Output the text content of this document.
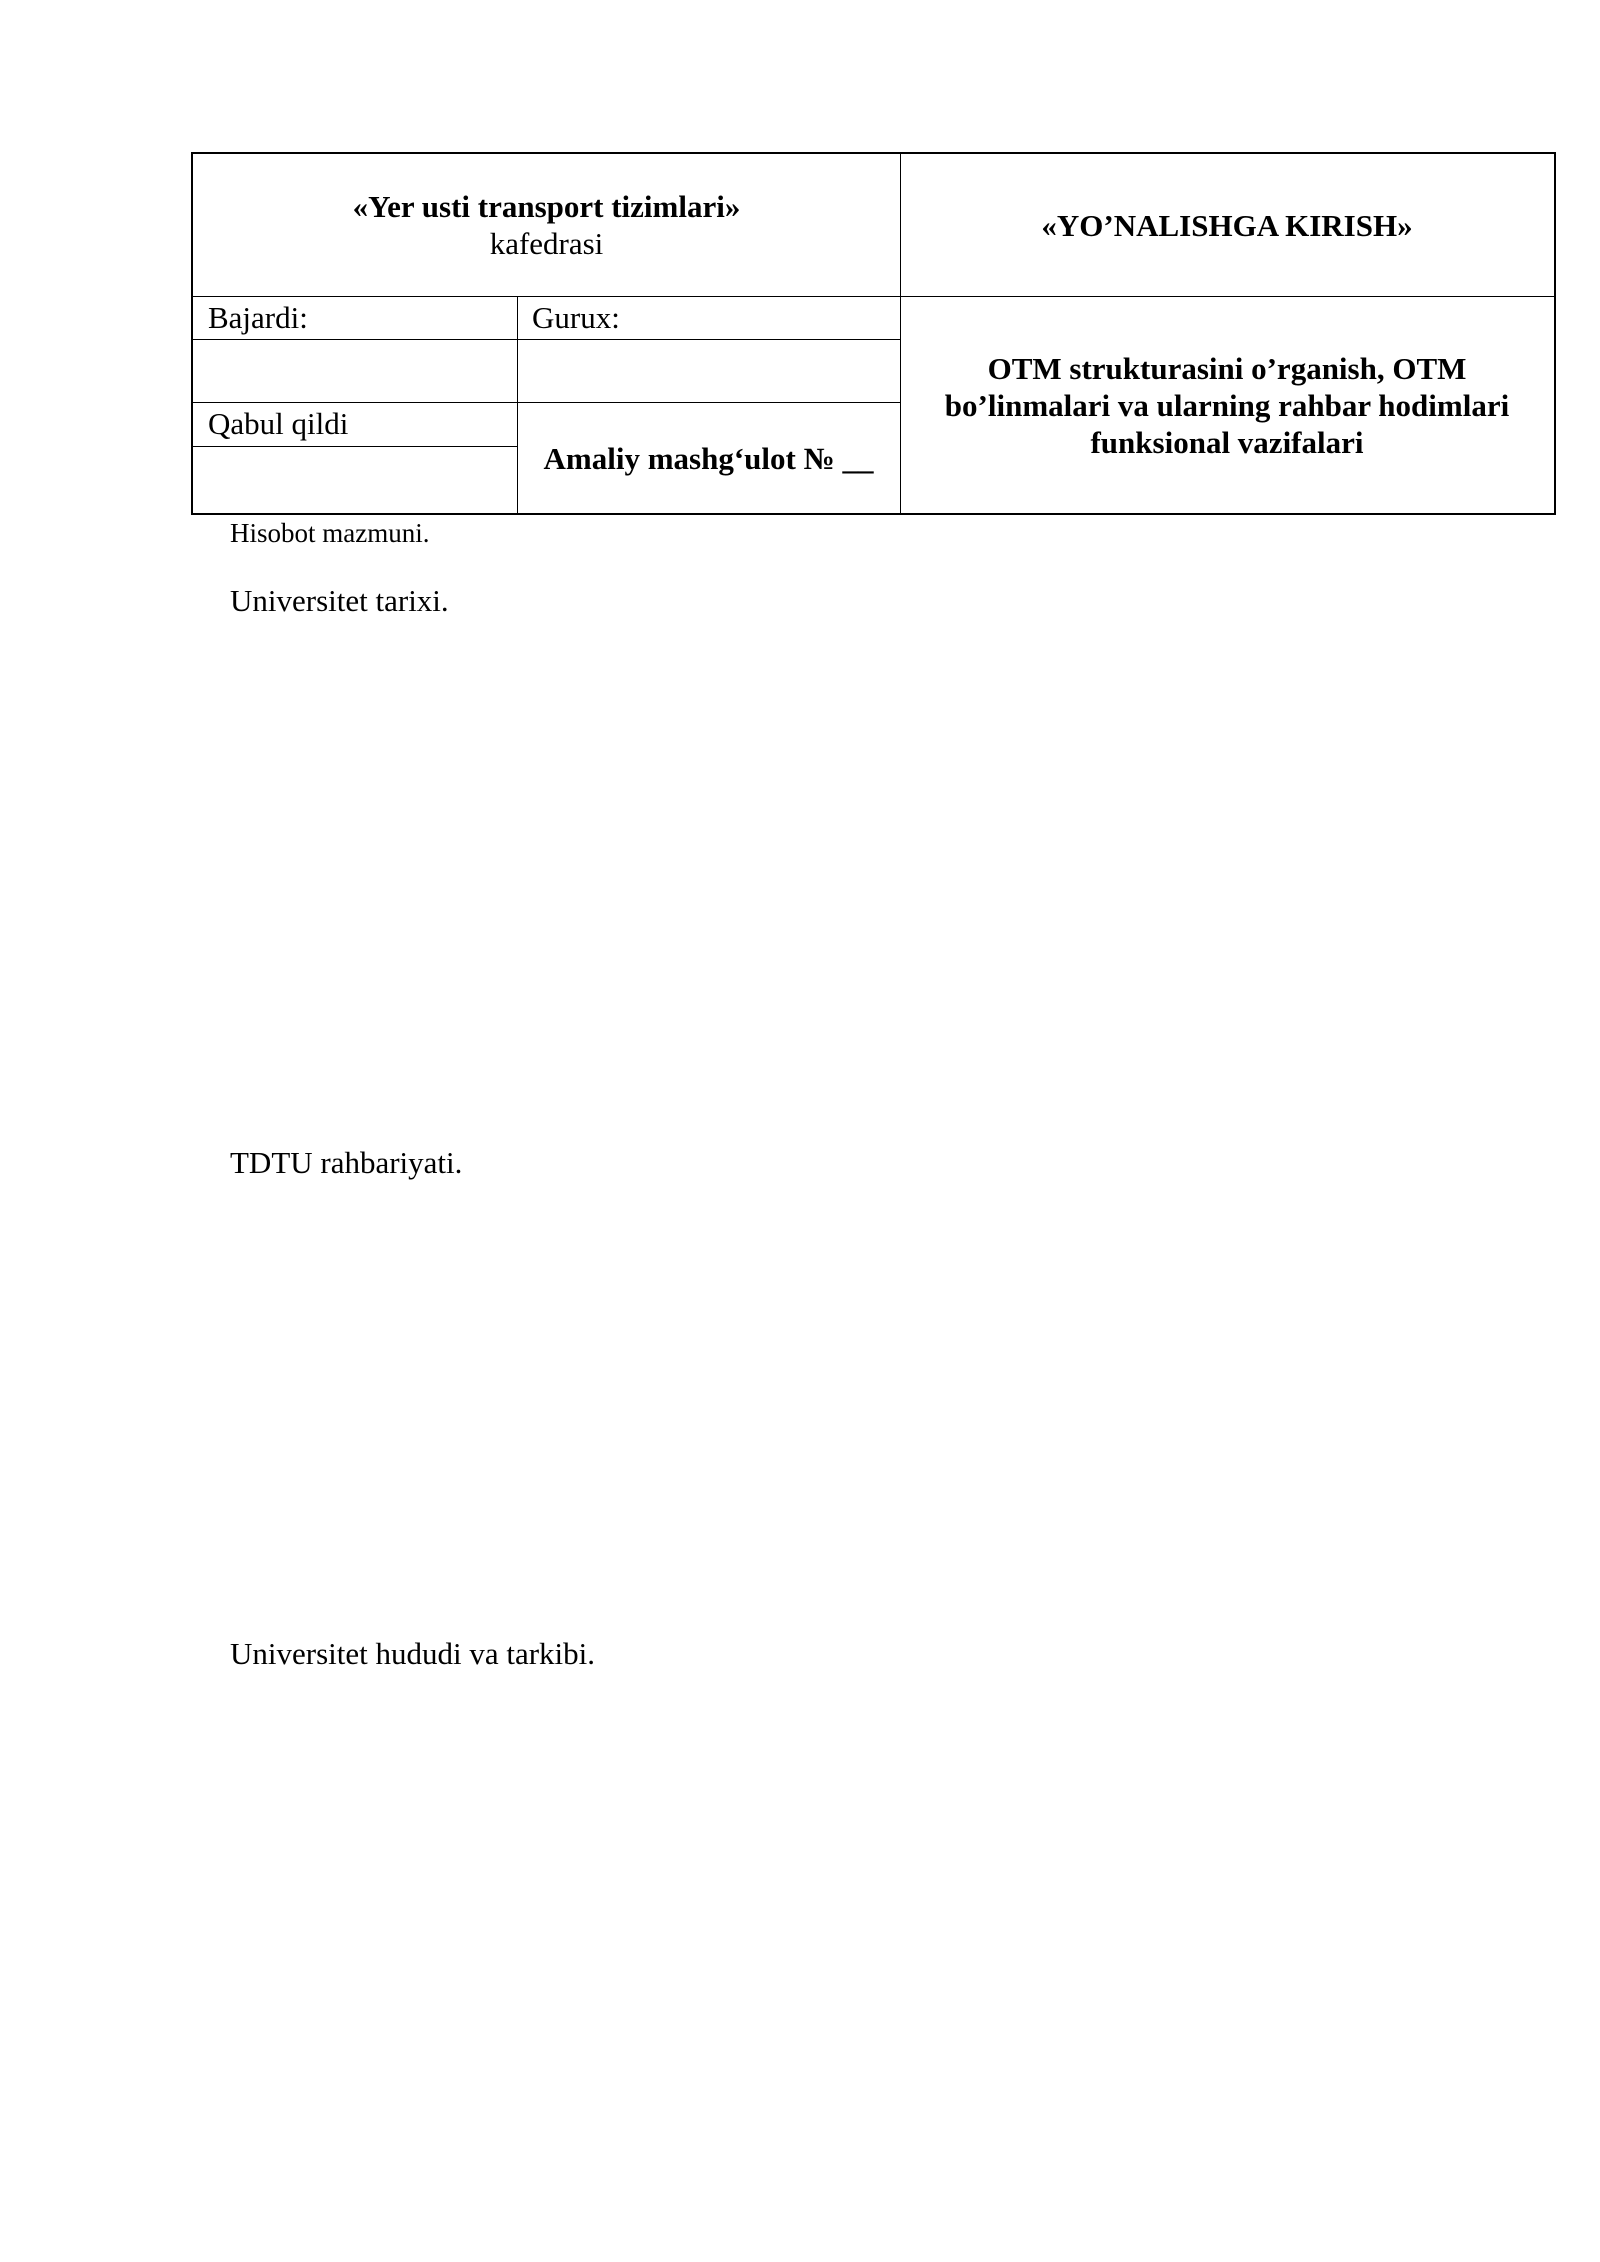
«Yer usti transport tizimlari»
kafedrasi
«YO’NALISHGA KIRISH»
Bajardi:	Gurux:
Qabul qildi
Amaliy mashg‘ulot № __
OTM strukturasini o’rganish, OTM bo’linmalari va ularning rahbar hodimlari funksional vazifalari
Hisobot mazmuni.
Universitet tarixi.
TDTU rahbariyati.
Universitet hududi va tarkibi.
